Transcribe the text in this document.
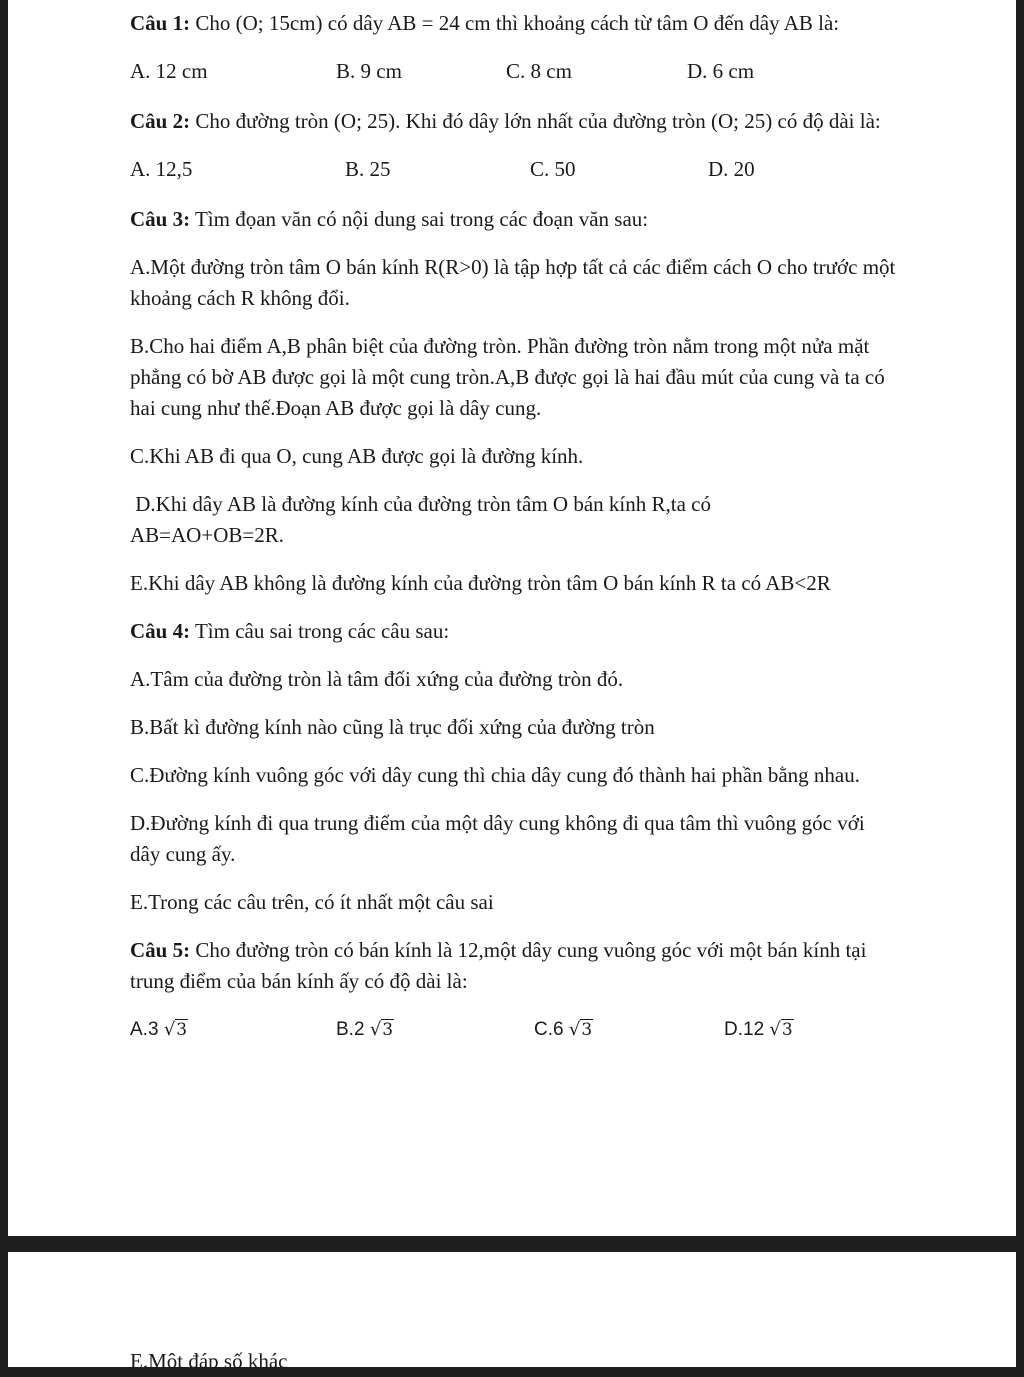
Câu 1: Cho (O; 15cm) có dây AB = 24 cm thì khoảng cách từ tâm O đến dây AB là:

A. 12 cm	B. 9 cm	C. 8 cm	D. 6 cm

Câu 2: Cho đường tròn (O; 25). Khi đó dây lớn nhất của đường tròn (O; 25) có độ dài là:

A. 12,5	B. 25	C. 50	D. 20

Câu 3: Tìm đọan văn có nội dung sai trong các đoạn văn sau:

A.Một đường tròn tâm O bán kính R(R>0) là tập hợp tất cả các điểm cách O cho trước một khoảng cách R không đổi.

B.Cho hai điểm A,B phân biệt của đường tròn. Phần đường tròn nằm trong một nửa mặt phẳng có bờ AB được gọi là một cung tròn.A,B được gọi là hai đầu mút của cung và ta có hai cung như thế.Đoạn AB được gọi là dây cung.

C.Khi AB đi qua O, cung AB được gọi là đường kính.

D.Khi dây AB là đường kính của đường tròn tâm O bán kính R,ta có AB=AO+OB=2R.

E.Khi dây AB không là đường kính của đường tròn tâm O bán kính R ta có AB<2R

Câu 4: Tìm câu sai trong các câu sau:

A.Tâm của đường tròn là tâm đối xứng của đường tròn đó.

B.Bất kì đường kính nào cũng là trục đối xứng của đường tròn

C.Đường kính vuông góc với dây cung thì chia dây cung đó thành hai phần bằng nhau.

D.Đường kính đi qua trung điểm của một dây cung không đi qua tâm thì vuông góc với dây cung ấy.

E.Trong các câu trên, có ít nhất một câu sai

Câu 5: Cho đường tròn có bán kính là 12,một dây cung vuông góc với một bán kính tại trung điểm của bán kính ấy có độ dài là:

A.3 √3	B.2 √3	C.6 √3	D.12 √3
E.Một đáp số khác
